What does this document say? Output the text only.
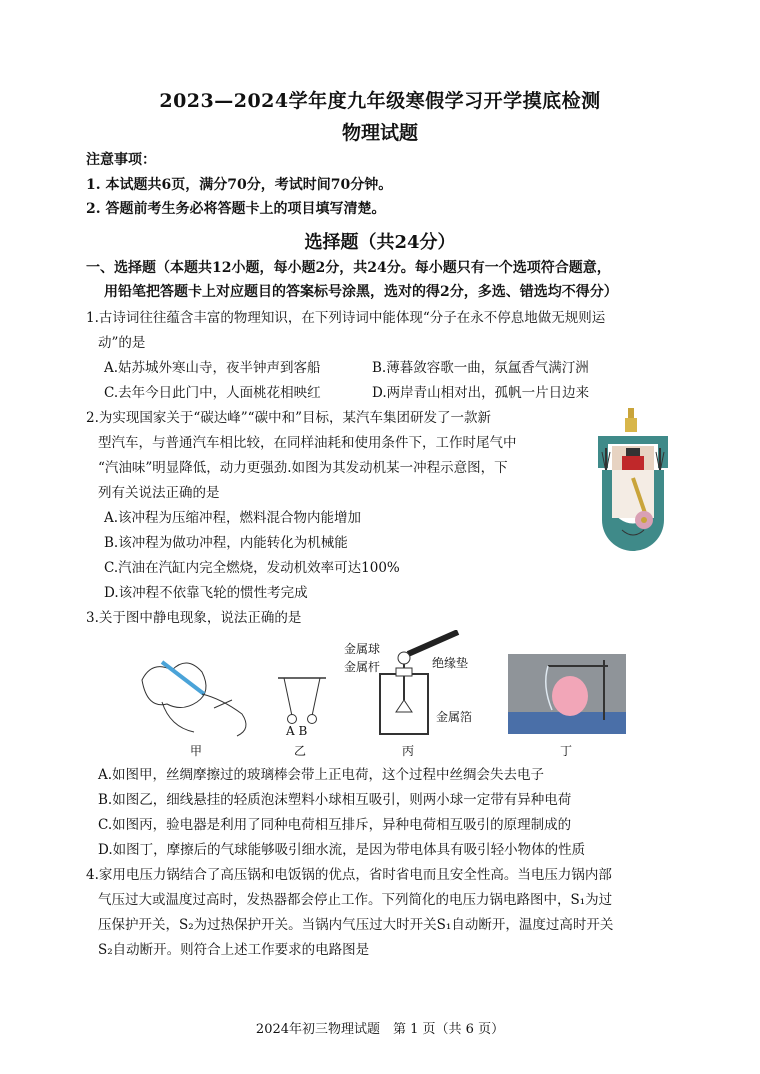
2023—2024学年度九年级寒假学习开学摸底检测
物理试题
注意事项：
1. 本试题共6页，满分70分，考试时间70分钟。
2. 答题前考生务必将答题卡上的项目填写清楚。
选择题（共24分）
一、选择题（本题共12小题，每小题2分，共24分。每小题只有一个选项符合题意，
用铅笔把答题卡上对应题目的答案标号涂黑，选对的得2分，多选、错选均不得分）
1.古诗词往往蕴含丰富的物理知识，在下列诗词中能体现“分子在永不停息地做无规则运
动”的是
A.姑苏城外寒山寺，夜半钟声到客船	B.薄暮敛容歌一曲，氛氲香气满汀洲
C.去年今日此门中，人面桃花相映红	D.两岸青山相对出，孤帆一片日边来
2.为实现国家关于“碳达峰”“碳中和”目标，某汽车集团研发了一款新
型汽车，与普通汽车相比较，在同样油耗和使用条件下，工作时尾气中
“汽油味”明显降低，动力更强劲.如图为其发动机某一冲程示意图，下
列有关说法正确的是
A.该冲程为压缩冲程，燃料混合物内能增加
B.该冲程为做功冲程，内能转化为机械能
C.汽油在汽缸内完全燃烧，发动机效率可达100%
D.该冲程不依靠飞轮的惯性考完成
3.关于图中静电现象，说法正确的是
A B
金属球
金属杆	绝缘垫
金属箔
甲	乙	丙	丁
A.如图甲，丝绸摩擦过的玻璃棒会带上正电荷，这个过程中丝绸会失去电子
B.如图乙，细线悬挂的轻质泡沫塑料小球相互吸引，则两小球一定带有异种电荷
C.如图丙，验电器是利用了同种电荷相互排斥，异种电荷相互吸引的原理制成的
D.如图丁，摩擦后的气球能够吸引细水流，是因为带电体具有吸引轻小物体的性质
4.家用电压力锅结合了高压锅和电饭锅的优点，省时省电而且安全性高。当电压力锅内部
气压过大或温度过高时，发热器都会停止工作。下列简化的电压力锅电路图中，S₁为过
压保护开关，S₂为过热保护开关。当锅内气压过大时开关S₁自动断开，温度过高时开关
S₂自动断开。则符合上述工作要求的电路图是
2024年初三物理试题　第 1 页（共 6 页）
